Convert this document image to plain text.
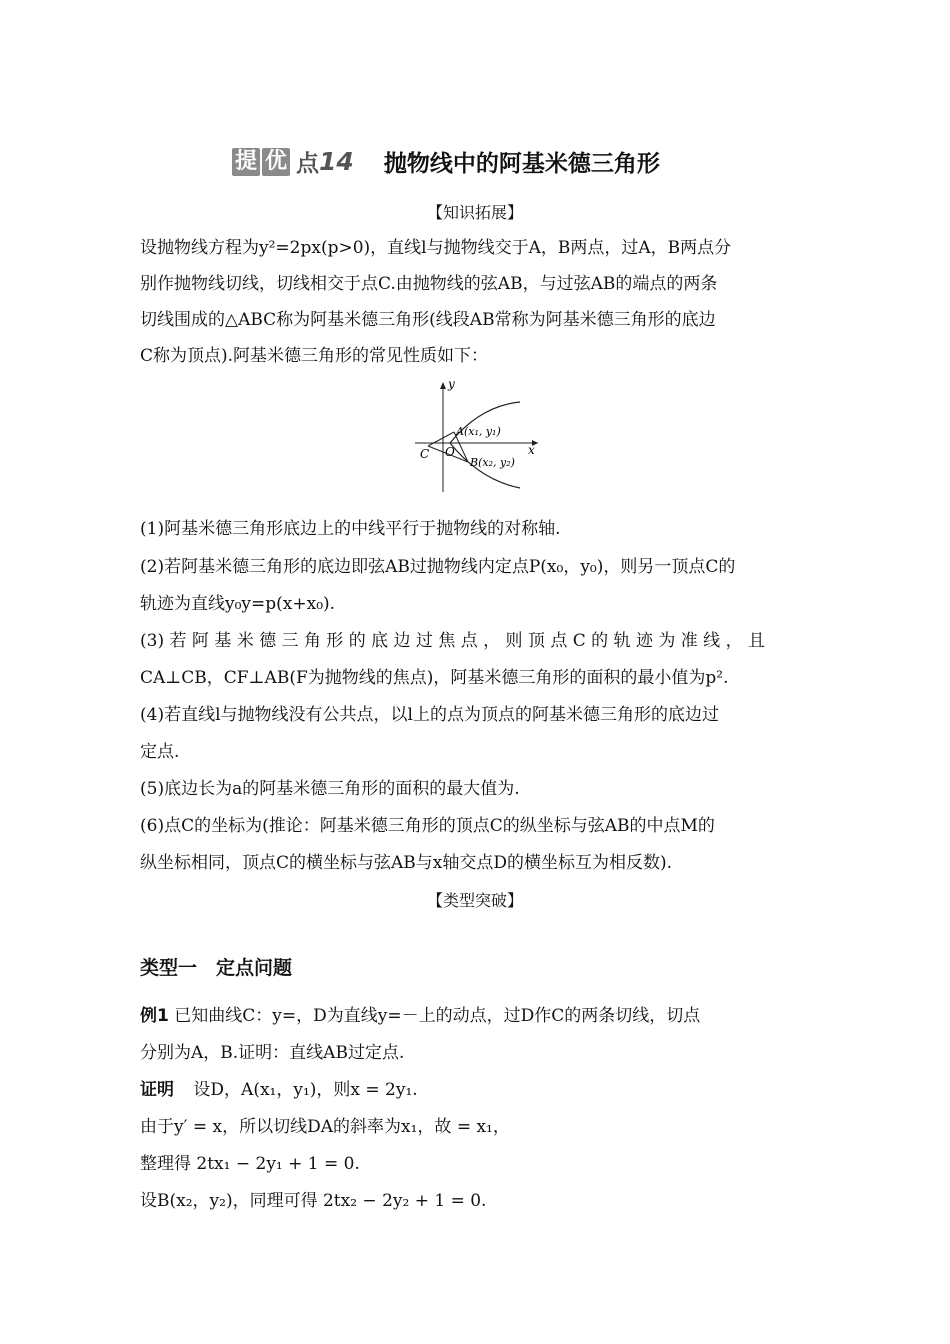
提 优 点 14 抛物线中的阿基米德三角形
【知识拓展】
设抛物线方程为y²=2px(p>0)，直线l与抛物线交于A，B两点，过A，B两点分
别作抛物线切线，切线相交于点C.由抛物线的弦AB，与过弦AB的端点的两条
切线围成的△ABC称为阿基米德三角形(线段AB常称为阿基米德三角形的底边
C称为顶点).阿基米德三角形的常见性质如下：
y
x
C O
A(x₁, y₁)
B(x₂, y₂)
(1)阿基米德三角形底边上的中线平行于抛物线的对称轴.
(2)若阿基米德三角形的底边即弦AB过抛物线内定点P(x₀，y₀)，则另一顶点C的
轨迹为直线y₀y=p(x+x₀).
(3) 若 阿 基 米 德 三 角 形 的 底 边 过 焦 点 ， 则 顶 点 C 的 轨 迹 为 准 线 ， 且
CA⊥CB，CF⊥AB(F为抛物线的焦点)，阿基米德三角形的面积的最小值为p².
(4)若直线l与抛物线没有公共点，以l上的点为顶点的阿基米德三角形的底边过
定点.
(5)底边长为a的阿基米德三角形的面积的最大值为.
(6)点C的坐标为(推论：阿基米德三角形的顶点C的纵坐标与弦AB的中点M的
纵坐标相同，顶点C的横坐标与弦AB与x轴交点D的横坐标互为相反数).
【类型突破】
类型一　定点问题
例1 已知曲线C：y=，D为直线y=－上的动点，过D作C的两条切线，切点
分别为A，B.证明：直线AB过定点.
证明 设D，A(x₁，y₁)，则x = 2y₁.
由于y′ = x，所以切线DA的斜率为x₁，故 = x₁，
整理得 2tx₁ − 2y₁ + 1 = 0.
设B(x₂，y₂)，同理可得 2tx₂ − 2y₂ + 1 = 0.
